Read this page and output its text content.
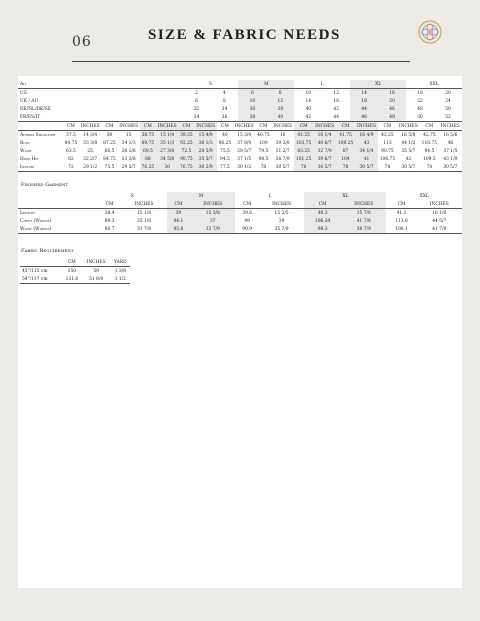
06	SIZE & FABRIC NEEDS
All	S		M		L		XL		XXL	
US	2	4	6	8	10	12	14	16	18	20
UK / AU	6	8	10	12	14	16	18	20	22	24
DE/NL/DK/SE	32	34	36	38	40	42	44	46	48	50
FR/ES/IT	34	36	38	40	42	44	46	48	50	52
	CM	INCHES	CM	INCHES	CM	INCHES	CM	INCHES	CM	INCHES	CM	INCHES	CM	INCHES	CM	INCHES	CM	INCHES	CM	INCHES
Across Shoulder	37.5	14 3/4	38	15	38.75	15 1/4	39.25	15 4/9	40	15 3/4	40.75	16	41.25	16 1/4	41.75	16 4/9	42.25	16 5/8	42.75	16 5/6
Bust	84.75	33 3/8	87.25	34 1/3	89.75	35 1/3	92.25	36 1/3	96.25	37 8/9	100	39 3/8	103.75	40 6/7	109.25	43	113	44 1/2	116.75	46
Waist	63.5	25	66.5	26 1/6	69.5	27 3/8	72.5	28 5/9	75.5	29 5/7	79.5	31 2/7	83.25	32 7/9	87	34 1/4	90.75	35 5/7	94.5	37 1/5
High Hip	82	32 2/7	84.75	33 3/8	88	34 5/8	90.75	35 5/7	94.5	37 1/5	98.5	38 7/9	101.25	39 6/7	104	41	106.75	42	109.5	43 1/9
Inseam	72	29 1/2	75.5	29 5/7	76.25	30	76.75	30 2/9	77.5	30 1/2	78	30 5/7	78	30 5/7	78	30 5/7	78	30 5/7	78	30 5/7
Finished Garment
	S		M		L		XL		XXL	
	CM	INCHES	CM	INCHES	CM	INCHES	CM	INCHES	CM	INCHES
Length	38.4	15 1/8	39	15 3/8	39.6	15 3/5	40.3	15 7/8	41.1	16 1/6
Chest (Widest)	89.3	35 1/6	94.1	37	99	39	106.34	41 7/8	113.6	44 5/7
Waist (Widest)	80.7	31 7/9	85.8	33 7/9	90.9	35 7/9	98.3	38 7/9	106.1	41 7/9
Fabric Requirement
	CM	INCHES	YARD
45"/115 cm	150	59	1 3/8
54"/137 cm	131.8	51 8/9	1 1/2
